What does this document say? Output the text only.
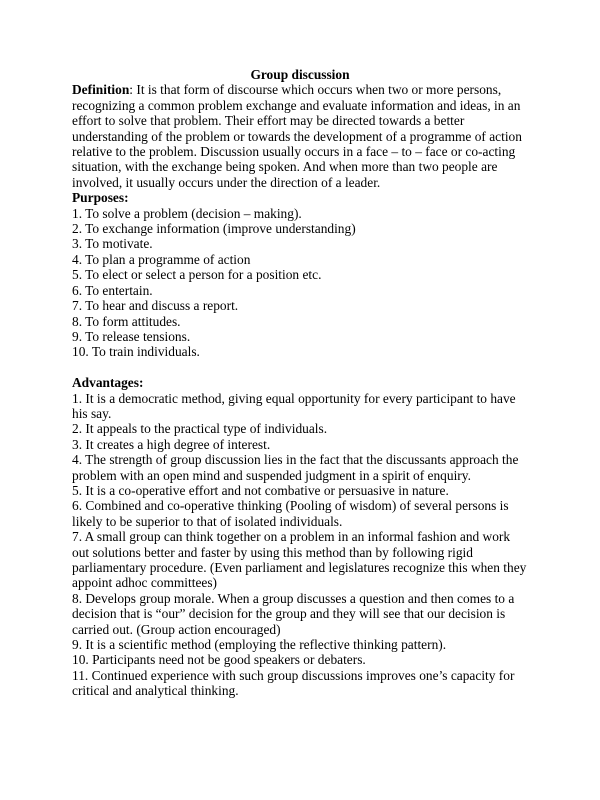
Group discussion

Definition: It is that form of discourse which occurs when two or more persons, recognizing a common problem exchange and evaluate information and ideas, in an effort to solve that problem. Their effort may be directed towards a better understanding of the problem or towards the development of a programme of action relative to the problem. Discussion usually occurs in a face – to – face or co-acting situation, with the exchange being spoken. And when more than two people are involved, it usually occurs under the direction of a leader.

Purposes:

1. To solve a problem (decision – making).
2. To exchange information (improve understanding)
3. To motivate.
4. To plan a programme of action
5. To elect or select a person for a position etc.
6. To entertain.
7. To hear and discuss a report.
8. To form attitudes.
9. To release tensions.
10. To train individuals.

Advantages:

1. It is a democratic method, giving equal opportunity for every participant to have his say.
2. It appeals to the practical type of individuals.
3. It creates a high degree of interest.
4. The strength of group discussion lies in the fact that the discussants approach the problem with an open mind and suspended judgment in a spirit of enquiry.
5. It is a co-operative effort and not combative or persuasive in nature.
6. Combined and co-operative thinking (Pooling of wisdom) of several persons is likely to be superior to that of isolated individuals.
7. A small group can think together on a problem in an informal fashion and work out solutions better and faster by using this method than by following rigid parliamentary procedure. (Even parliament and legislatures recognize this when they appoint adhoc committees)
8. Develops group morale. When a group discusses a question and then comes to a decision that is “our” decision for the group and they will see that our decision is carried out. (Group action encouraged)
9. It is a scientific method (employing the reflective thinking pattern).
10. Participants need not be good speakers or debaters.
11. Continued experience with such group discussions improves one’s capacity for critical and analytical thinking.
